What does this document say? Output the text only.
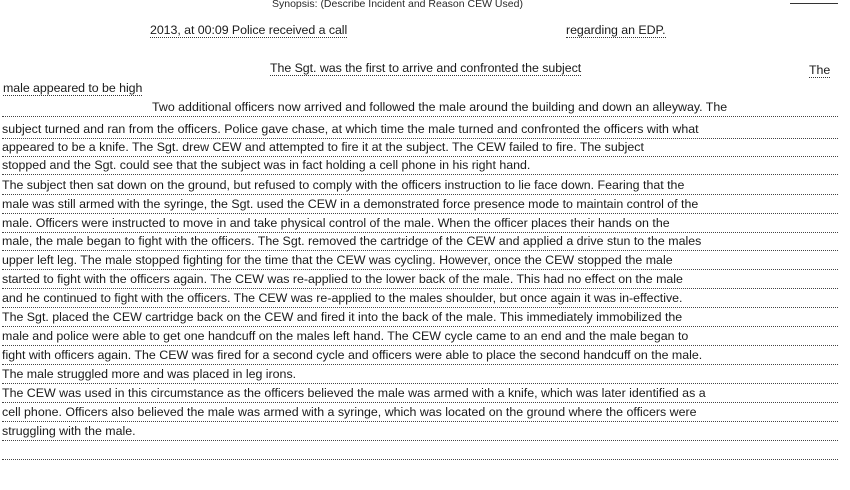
Synopsis: (Describe Incident and Reason CEW Used)
2013, at 00:09 Police received a call	regarding an EDP.
The Sgt. was the first to arrive and confronted the subject	The
male appeared to be high
Two additional officers now arrived and followed the male around the building and down an alleyway. The
subject turned and ran from the officers. Police gave chase, at which time the male turned and confronted the officers with what
appeared to be a knife. The Sgt. drew CEW and attempted to fire it at the subject. The CEW failed to fire. The subject
stopped and the Sgt. could see that the subject was in fact holding a cell phone in his right hand.
The subject then sat down on the ground, but refused to comply with the officers instruction to lie face down. Fearing that the
male was still armed with the syringe, the Sgt. used the CEW in a demonstrated force presence mode to maintain control of the
male. Officers were instructed to move in and take physical control of the male. When the officer places their hands on the
male, the male began to fight with the officers. The Sgt. removed the cartridge of the CEW and applied a drive stun to the males
upper left leg. The male stopped fighting for the time that the CEW was cycling. However, once the CEW stopped the male
started to fight with the officers again. The CEW was re-applied to the lower back of the male. This had no effect on the male
and he continued to fight with the officers. The CEW was re-applied to the males shoulder, but once again it was in-effective.
The Sgt. placed the CEW cartridge back on the CEW and fired it into the back of the male. This immediately immobilized the
male and police were able to get one handcuff on the males left hand. The CEW cycle came to an end and the male began to
fight with officers again. The CEW was fired for a second cycle and officers were able to place the second handcuff on the male.
The male struggled more and was placed in leg irons.
The CEW was used in this circumstance as the officers believed the male was armed with a knife, which was later identified as a
cell phone. Officers also believed the male was armed with a syringe, which was located on the ground where the officers were
struggling with the male.
